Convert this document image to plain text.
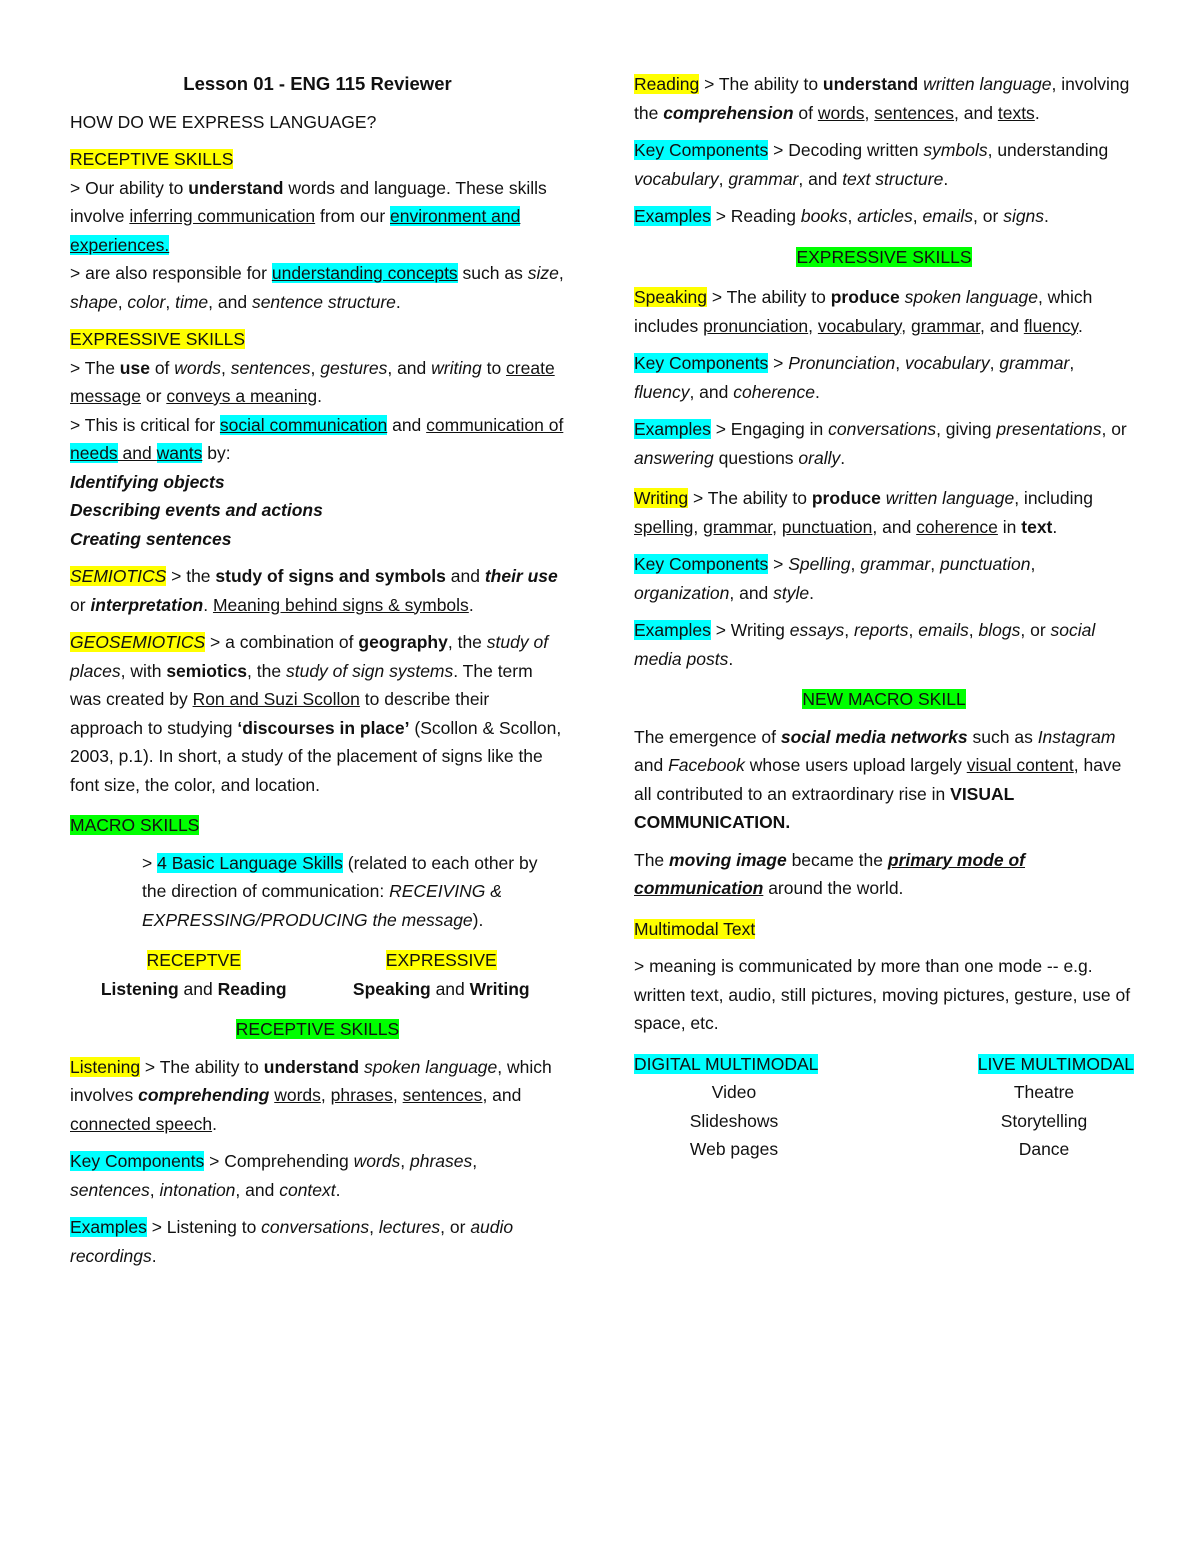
Lesson 01 - ENG 115 Reviewer

HOW DO WE EXPRESS LANGUAGE?

RECEPTIVE SKILLS

> Our ability to understand words and language. These skills involve inferring communication from our environment and experiences.

> are also responsible for understanding concepts such as size, shape, color, time, and sentence structure.

EXPRESSIVE SKILLS

> The use of words, sentences, gestures, and writing to create message or conveys a meaning.

> This is critical for social communication and communication of needs and wants by:

Identifying objects

Describing events and actions

Creating sentences

SEMIOTICS > the study of signs and symbols and their use or interpretation. Meaning behind signs & symbols.

GEOSEMIOTICS > a combination of geography, the study of places, with semiotics, the study of sign systems. The term was created by Ron and Suzi Scollon to describe their approach to studying ‘discourses in place’ (Scollon & Scollon, 2003, p.1). In short, a study of the placement of signs like the font size, the color, and location.

MACRO SKILLS

> 4 Basic Language Skills (related to each other by the direction of communication: RECEIVING & EXPRESSING/PRODUCING the message).

RECEPTVE
Listening and Reading
EXPRESSIVE
Speaking and Writing

RECEPTIVE SKILLS

Listening > The ability to understand spoken language, which involves comprehending words, phrases, sentences, and connected speech.

Key Components > Comprehending words, phrases, sentences, intonation, and context.

Examples > Listening to conversations, lectures, or audio recordings.

Reading > The ability to understand written language, involving the comprehension of words, sentences, and texts.

Key Components > Decoding written symbols, understanding vocabulary, grammar, and text structure.

Examples > Reading books, articles, emails, or signs.

EXPRESSIVE SKILLS

Speaking > The ability to produce spoken language, which includes pronunciation, vocabulary, grammar, and fluency.

Key Components > Pronunciation, vocabulary, grammar, fluency, and coherence.

Examples > Engaging in conversations, giving presentations, or answering questions orally.

Writing > The ability to produce written language, including spelling, grammar, punctuation, and coherence in text.

Key Components > Spelling, grammar, punctuation, organization, and style.

Examples > Writing essays, reports, emails, blogs, or social media posts.

NEW MACRO SKILL

The emergence of social media networks such as Instagram and Facebook whose users upload largely visual content, have all contributed to an extraordinary rise in VISUAL COMMUNICATION.

The moving image became the primary mode of communication around the world.

Multimodal Text

> meaning is communicated by more than one mode -- e.g. written text, audio, still pictures, moving pictures, gesture, use of space, etc.

DIGITAL MULTIMODAL
Video
Slideshows
Web pages
LIVE MULTIMODAL
Theatre
Storytelling
Dance
